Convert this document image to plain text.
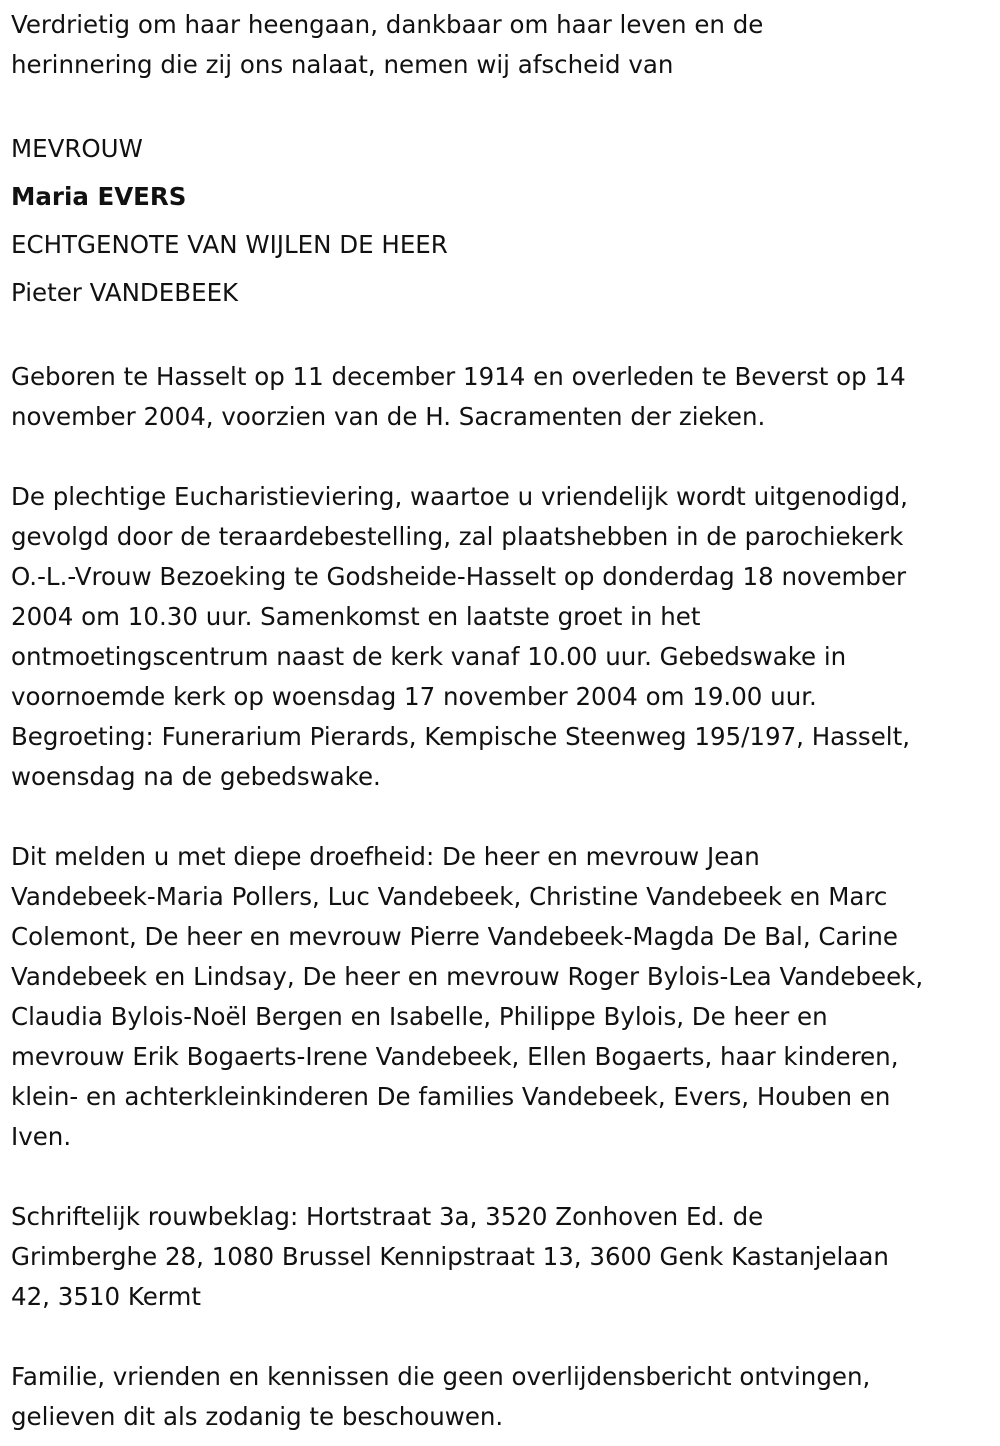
Verdrietig om haar heengaan, dankbaar om haar leven en de
herinnering die zij ons nalaat, nemen wij afscheid van
MEVROUW
Maria EVERS
ECHTGENOTE VAN WIJLEN DE HEER
Pieter VANDEBEEK
Geboren te Hasselt op 11 december 1914 en overleden te Beverst op 14
november 2004, voorzien van de H. Sacramenten der zieken.
De plechtige Eucharistieviering, waartoe u vriendelijk wordt uitgenodigd,
gevolgd door de teraardebestelling, zal plaatshebben in de parochiekerk
O.-L.-Vrouw Bezoeking te Godsheide-Hasselt op donderdag 18 november
2004 om 10.30 uur. Samenkomst en laatste groet in het
ontmoetingscentrum naast de kerk vanaf 10.00 uur. Gebedswake in
voornoemde kerk op woensdag 17 november 2004 om 19.00 uur.
Begroeting: Funerarium Pierards, Kempische Steenweg 195/197, Hasselt,
woensdag na de gebedswake.
Dit melden u met diepe droefheid: De heer en mevrouw Jean
Vandebeek-Maria Pollers, Luc Vandebeek, Christine Vandebeek en Marc
Colemont, De heer en mevrouw Pierre Vandebeek-Magda De Bal, Carine
Vandebeek en Lindsay, De heer en mevrouw Roger Bylois-Lea Vandebeek,
Claudia Bylois-Noël Bergen en Isabelle, Philippe Bylois, De heer en
mevrouw Erik Bogaerts-Irene Vandebeek, Ellen Bogaerts, haar kinderen,
klein- en achterkleinkinderen De families Vandebeek, Evers, Houben en
Iven.
Schriftelijk rouwbeklag: Hortstraat 3a, 3520 Zonhoven Ed. de
Grimberghe 28, 1080 Brussel Kennipstraat 13, 3600 Genk Kastanjelaan
42, 3510 Kermt
Familie, vrienden en kennissen die geen overlijdensbericht ontvingen,
gelieven dit als zodanig te beschouwen.
